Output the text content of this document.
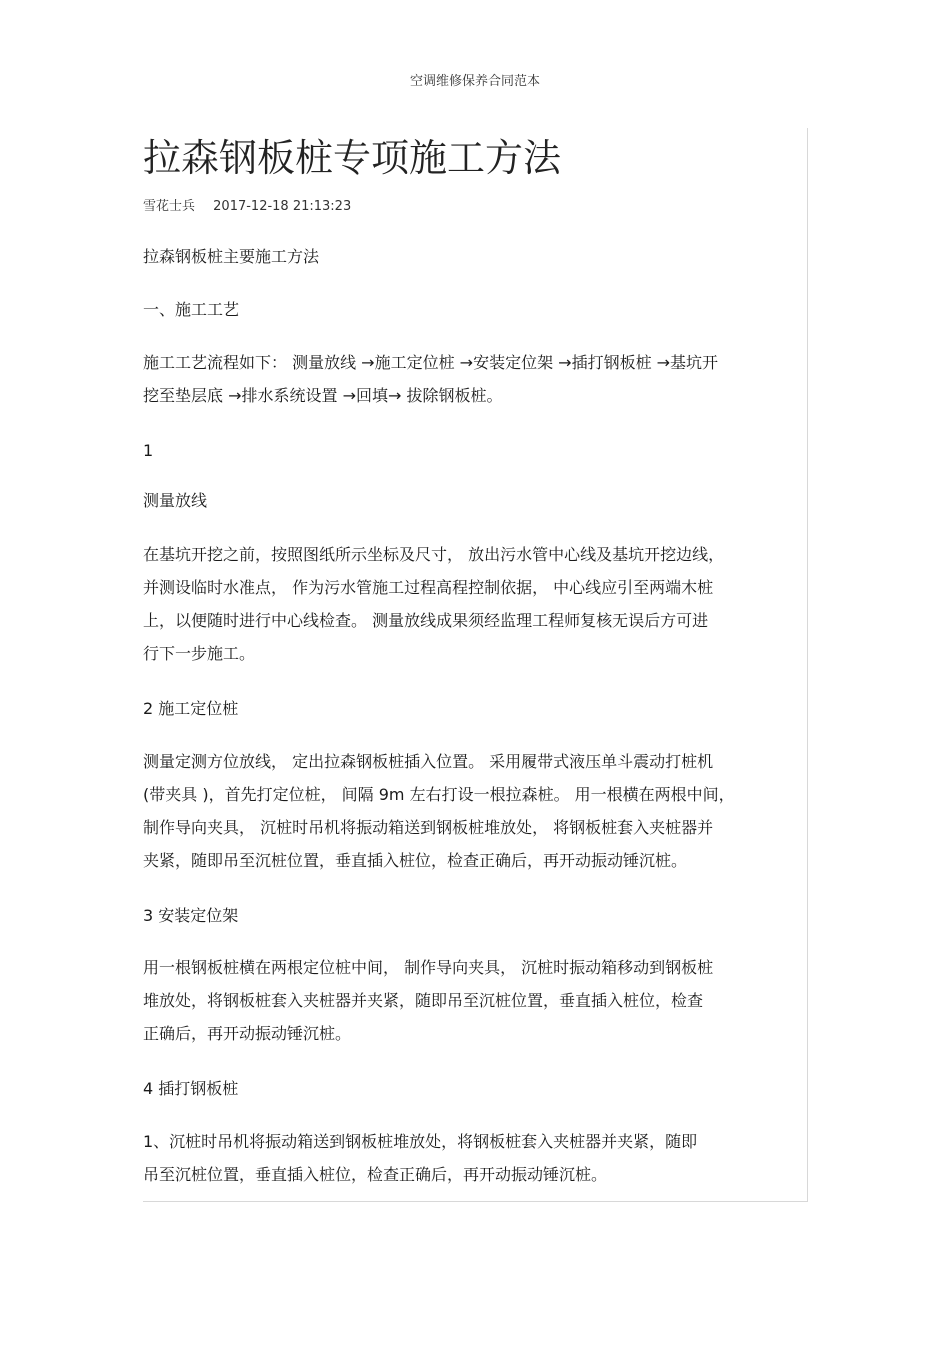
空调维修保养合同范本
拉森钢板桩专项施工方法
雪花士兵 2017-12-18 21:13:23
拉森钢板桩主要施工方法
一、施工工艺
施工工艺流程如下： 测量放线 →施工定位桩 →安装定位架 →插打钢板桩 →基坑开
挖至垫层底 →排水系统设置 →回填→ 拔除钢板桩。
1
测量放线
在基坑开挖之前，按照图纸所示坐标及尺寸， 放出污水管中心线及基坑开挖边线，
并测设临时水准点， 作为污水管施工过程高程控制依据， 中心线应引至两端木桩
上，以便随时进行中心线检查。 测量放线成果须经监理工程师复核无误后方可进
行下一步施工。
2 施工定位桩
测量定测方位放线， 定出拉森钢板桩插入位置。 采用履带式液压单斗震动打桩机
(带夹具 )，首先打定位桩， 间隔 9m 左右打设一根拉森桩。 用一根横在两根中间，
制作导向夹具， 沉桩时吊机将振动箱送到钢板桩堆放处， 将钢板桩套入夹桩器并
夹紧，随即吊至沉桩位置，垂直插入桩位，检查正确后，再开动振动锤沉桩。
3 安装定位架
用一根钢板桩横在两根定位桩中间， 制作导向夹具， 沉桩时振动箱移动到钢板桩
堆放处，将钢板桩套入夹桩器并夹紧，随即吊至沉桩位置，垂直插入桩位，检查
正确后，再开动振动锤沉桩。
4 插打钢板桩
1、沉桩时吊机将振动箱送到钢板桩堆放处，将钢板桩套入夹桩器并夹紧，随即
吊至沉桩位置，垂直插入桩位，检查正确后，再开动振动锤沉桩。
